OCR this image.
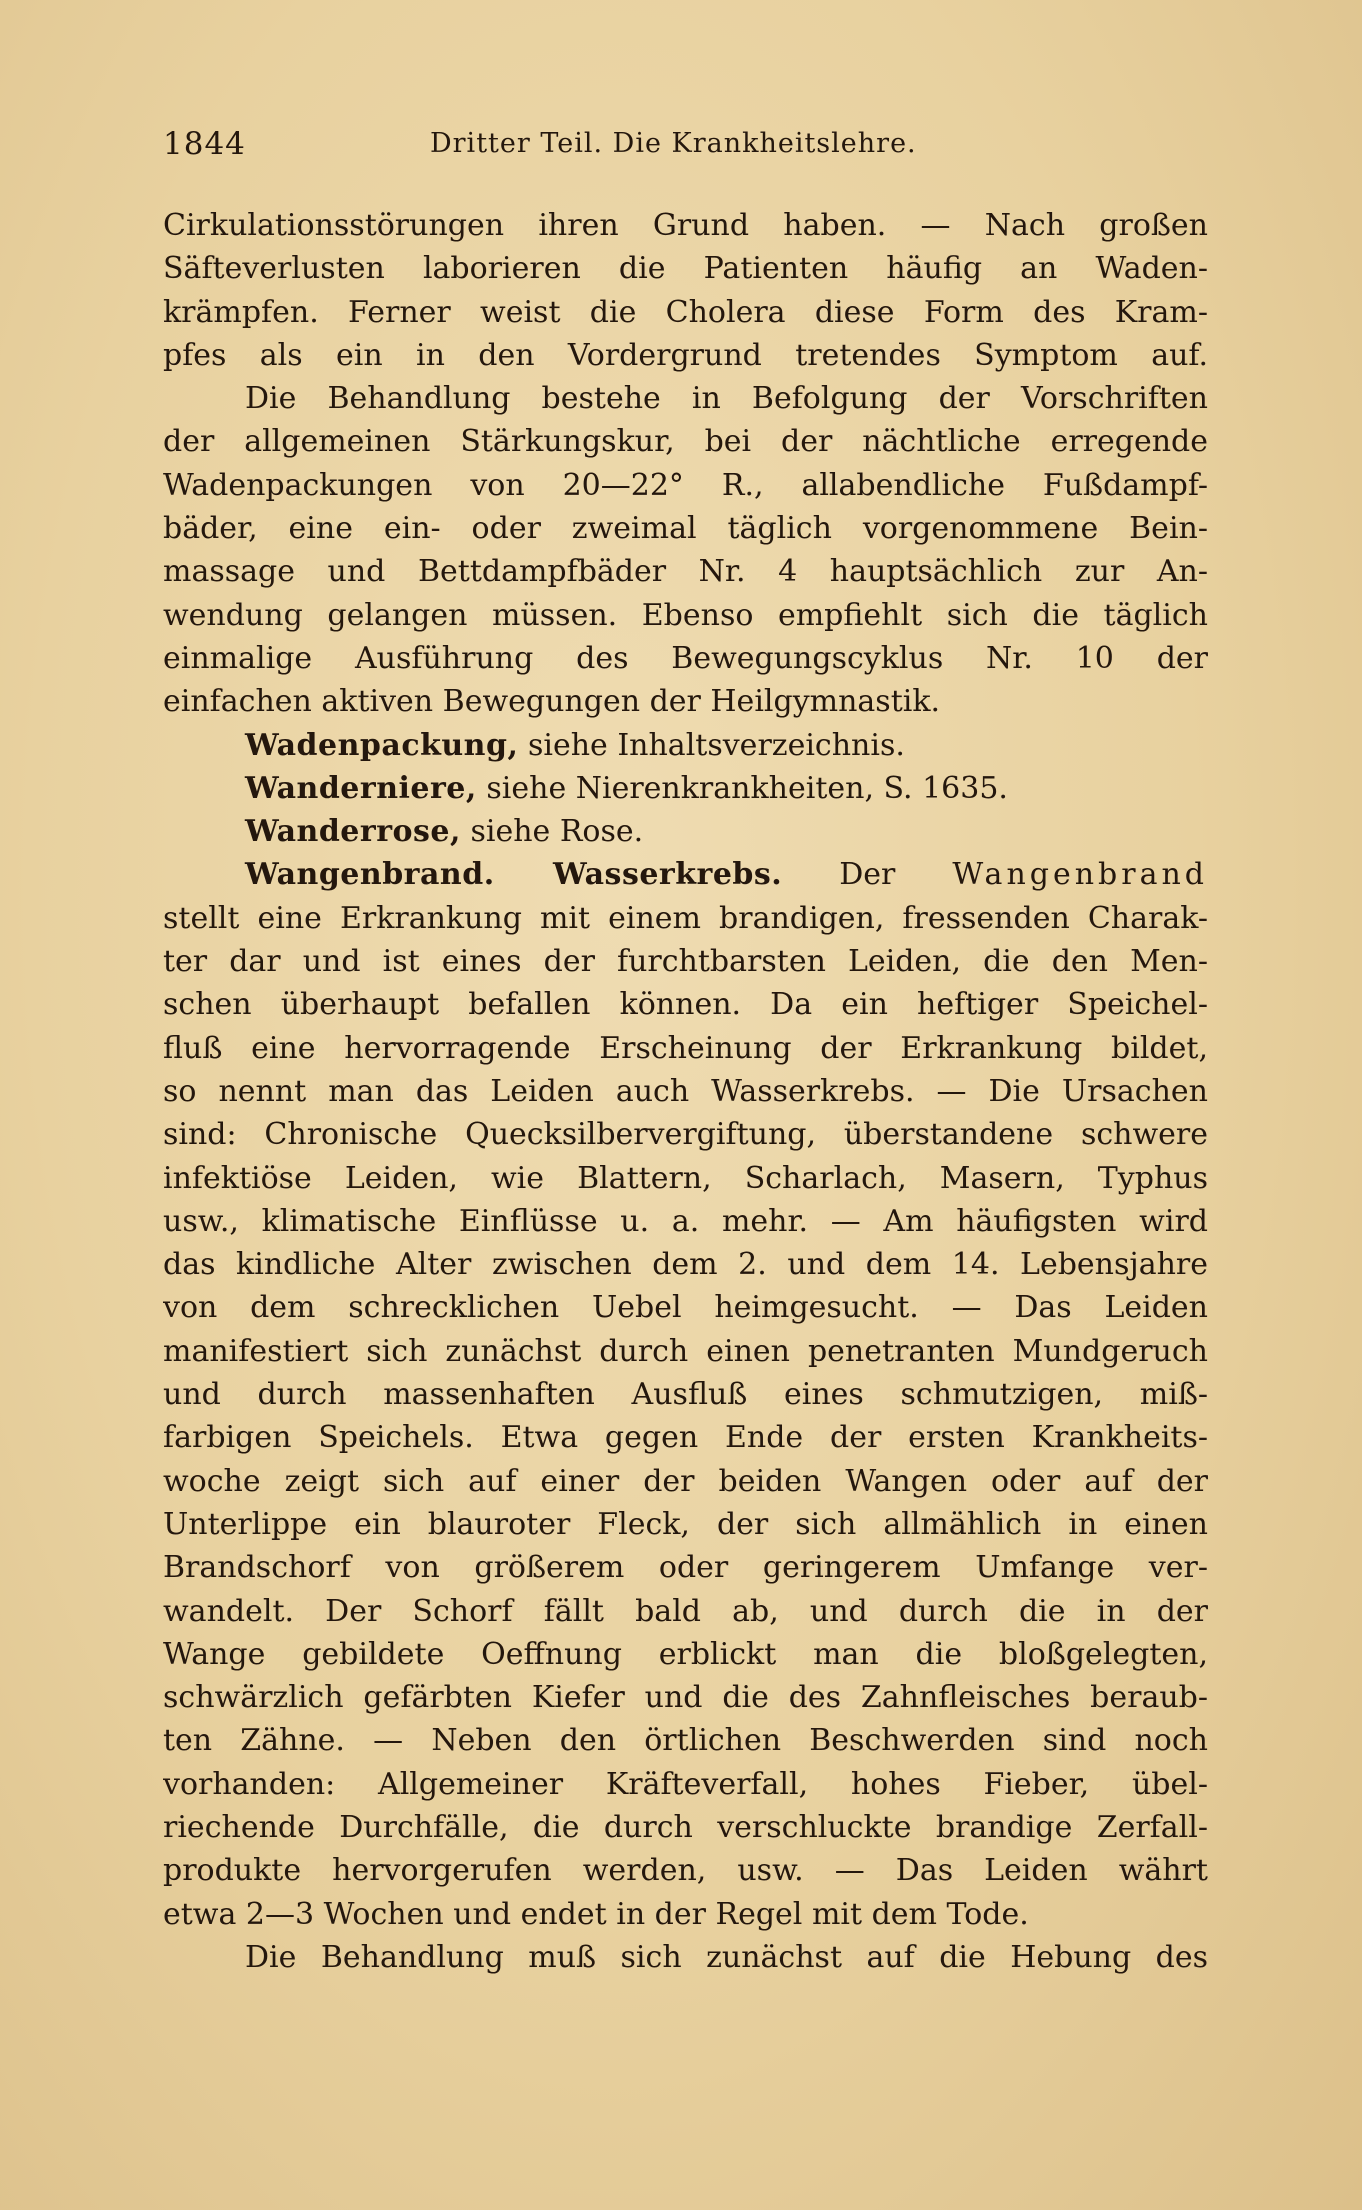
1844	Dritter Teil. Die Krankheitslehre.
Cirkulationsstörungen ihren Grund haben. — Nach großen
Säfteverlusten laborieren die Patienten häufig an Waden-
krämpfen. Ferner weist die Cholera diese Form des Kram-
pfes als ein in den Vordergrund tretendes Symptom auf.
Die Behandlung bestehe in Befolgung der Vorschriften
der allgemeinen Stärkungskur, bei der nächtliche erregende
Wadenpackungen von 20—22° R., allabendliche Fußdampf-
bäder, eine ein- oder zweimal täglich vorgenommene Bein-
massage und Bettdampfbäder Nr. 4 hauptsächlich zur An-
wendung gelangen müssen. Ebenso empfiehlt sich die täglich
einmalige Ausführung des Bewegungscyklus Nr. 10 der
einfachen aktiven Bewegungen der Heilgymnastik.
Wadenpackung, siehe Inhaltsverzeichnis.
Wanderniere, siehe Nierenkrankheiten, S. 1635.
Wanderrose, siehe Rose.
Wangenbrand. Wasserkrebs. Der Wangenbrand
stellt eine Erkrankung mit einem brandigen, fressenden Charak-
ter dar und ist eines der furchtbarsten Leiden, die den Men-
schen überhaupt befallen können. Da ein heftiger Speichel-
fluß eine hervorragende Erscheinung der Erkrankung bildet,
so nennt man das Leiden auch Wasserkrebs. — Die Ursachen
sind: Chronische Quecksilbervergiftung, überstandene schwere
infektiöse Leiden, wie Blattern, Scharlach, Masern, Typhus
usw., klimatische Einflüsse u. a. mehr. — Am häufigsten wird
das kindliche Alter zwischen dem 2. und dem 14. Lebensjahre
von dem schrecklichen Uebel heimgesucht. — Das Leiden
manifestiert sich zunächst durch einen penetranten Mundgeruch
und durch massenhaften Ausfluß eines schmutzigen, miß-
farbigen Speichels. Etwa gegen Ende der ersten Krankheits-
woche zeigt sich auf einer der beiden Wangen oder auf der
Unterlippe ein blauroter Fleck, der sich allmählich in einen
Brandschorf von größerem oder geringerem Umfange ver-
wandelt. Der Schorf fällt bald ab, und durch die in der
Wange gebildete Oeffnung erblickt man die bloßgelegten,
schwärzlich gefärbten Kiefer und die des Zahnfleisches beraub-
ten Zähne. — Neben den örtlichen Beschwerden sind noch
vorhanden: Allgemeiner Kräfteverfall, hohes Fieber, übel-
riechende Durchfälle, die durch verschluckte brandige Zerfall-
produkte hervorgerufen werden, usw. — Das Leiden währt
etwa 2—3 Wochen und endet in der Regel mit dem Tode.
Die Behandlung muß sich zunächst auf die Hebung des
